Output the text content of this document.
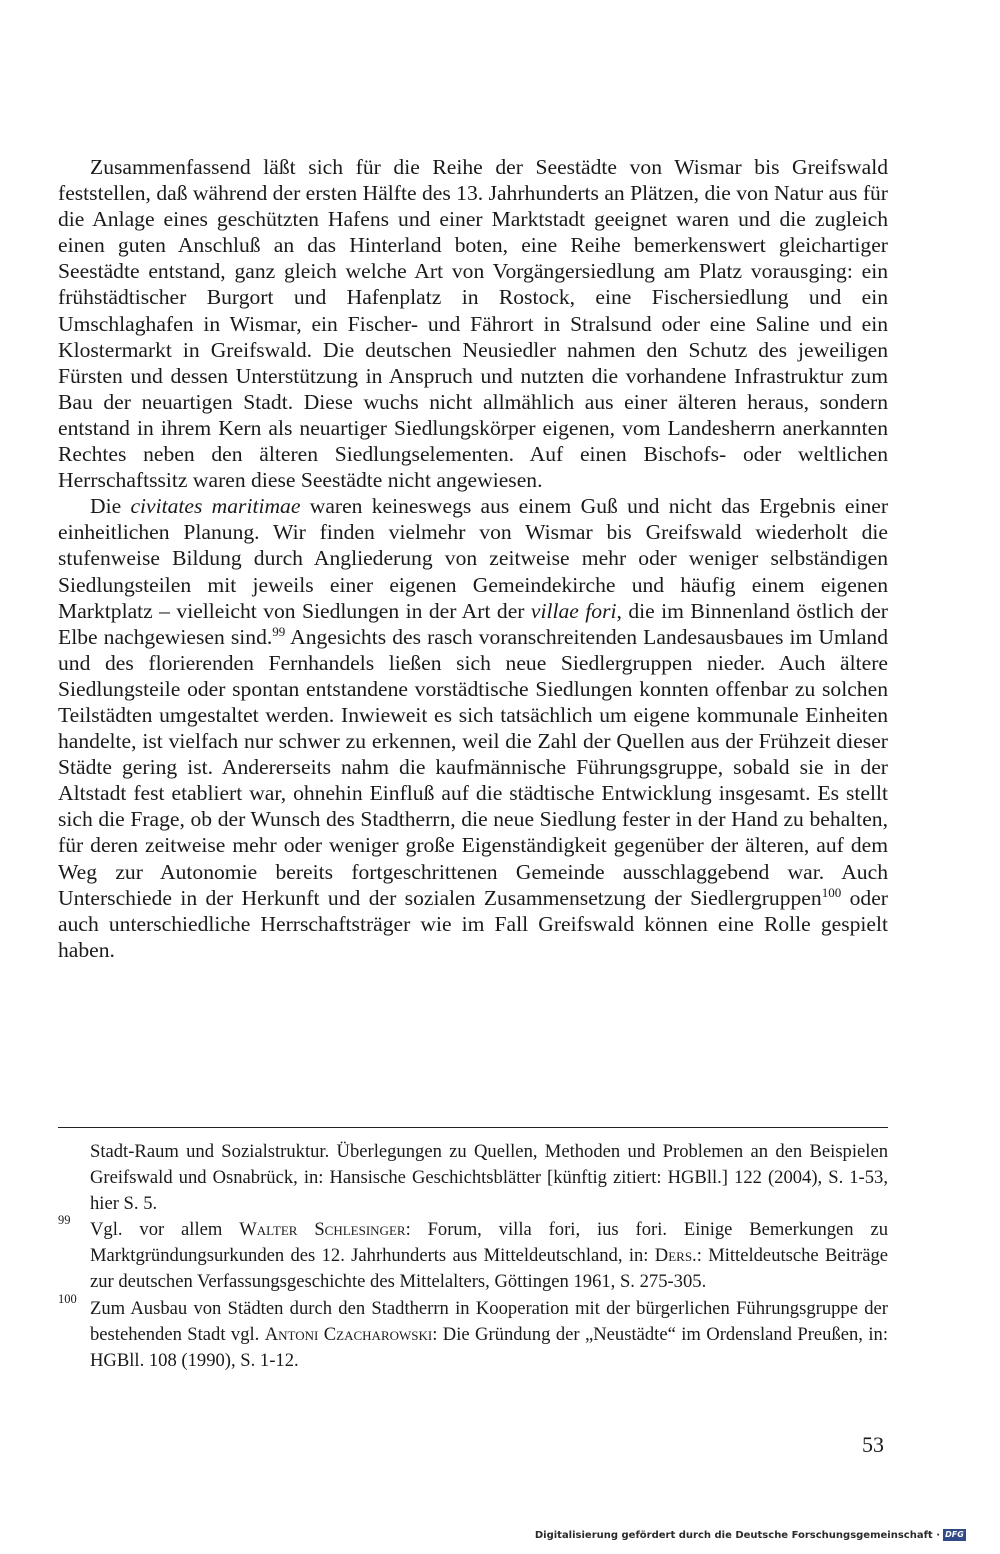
Zusammenfassend läßt sich für die Reihe der Seestädte von Wismar bis Greifswald feststellen, daß während der ersten Hälfte des 13. Jahrhunderts an Plätzen, die von Natur aus für die Anlage eines geschützten Hafens und einer Marktstadt geeignet waren und die zugleich einen guten Anschluß an das Hinterland boten, eine Reihe bemerkenswert gleichartiger Seestädte entstand, ganz gleich welche Art von Vorgängersiedlung am Platz vorausging: ein frühstädtischer Burgort und Hafenplatz in Rostock, eine Fischersiedlung und ein Umschlaghafen in Wismar, ein Fischer- und Fährort in Stralsund oder eine Saline und ein Klostermarkt in Greifswald. Die deutschen Neusiedler nahmen den Schutz des jeweiligen Fürsten und dessen Unterstützung in Anspruch und nutzten die vorhandene Infrastruktur zum Bau der neuartigen Stadt. Diese wuchs nicht allmählich aus einer älteren heraus, sondern entstand in ihrem Kern als neuartiger Siedlungskörper eigenen, vom Landesherrn anerkannten Rechtes neben den älteren Siedlungselementen. Auf einen Bischofs- oder weltlichen Herrschaftssitz waren diese Seestädte nicht angewiesen.

Die civitates maritimae waren keineswegs aus einem Guß und nicht das Ergebnis einer einheitlichen Planung. Wir finden vielmehr von Wismar bis Greifswald wiederholt die stufenweise Bildung durch Angliederung von zeitweise mehr oder weniger selbständigen Siedlungsteilen mit jeweils einer eigenen Gemeindekirche und häufig einem eigenen Marktplatz – vielleicht von Siedlungen in der Art der villae fori, die im Binnenland östlich der Elbe nachgewiesen sind.$^{99}$ Angesichts des rasch voranschreitenden Landesausbaues im Umland und des florierenden Fernhandels ließen sich neue Siedlergruppen nieder. Auch ältere Siedlungsteile oder spontan entstandene vorstädtische Siedlungen konnten offenbar zu solchen Teilstädten umgestaltet werden. Inwieweit es sich tatsächlich um eigene kommunale Einheiten handelte, ist vielfach nur schwer zu erkennen, weil die Zahl der Quellen aus der Frühzeit dieser Städte gering ist. Andererseits nahm die kaufmännische Führungsgruppe, sobald sie in der Altstadt fest etabliert war, ohnehin Einfluß auf die städtische Entwicklung insgesamt. Es stellt sich die Frage, ob der Wunsch des Stadtherrn, die neue Siedlung fester in der Hand zu behalten, für deren zeitweise mehr oder weniger große Eigenständigkeit gegenüber der älteren, auf dem Weg zur Autonomie bereits fortgeschrittenen Gemeinde ausschlaggebend war. Auch Unterschiede in der Herkunft und der sozialen Zusammensetzung der Siedlergruppen$^{100}$ oder auch unterschiedliche Herrschaftsträger wie im Fall Greifswald können eine Rolle gespielt haben.

Stadt-Raum und Sozialstruktur. Überlegungen zu Quellen, Methoden und Problemen an den Beispielen Greifswald und Osnabrück, in: Hansische Geschichtsblätter [künftig zitiert: HGBll.] 122 (2004), S. 1-53, hier S. 5.
99 Vgl. vor allem Walter Schlesinger: Forum, villa fori, ius fori. Einige Bemerkungen zu Marktgründungsurkunden des 12. Jahrhunderts aus Mitteldeutschland, in: Ders.: Mitteldeutsche Beiträge zur deutschen Verfassungsgeschichte des Mittelalters, Göttingen 1961, S. 275-305.
100 Zum Ausbau von Städten durch den Stadtherrn in Kooperation mit der bürgerlichen Führungsgruppe der bestehenden Stadt vgl. Antoni Czacharowski: Die Gründung der „Neustädte“ im Ordensland Preußen, in: HGBll. 108 (1990), S. 1-12.
53
Digitalisierung gefördert durch die Deutsche Forschungsgemeinschaft · DFG
